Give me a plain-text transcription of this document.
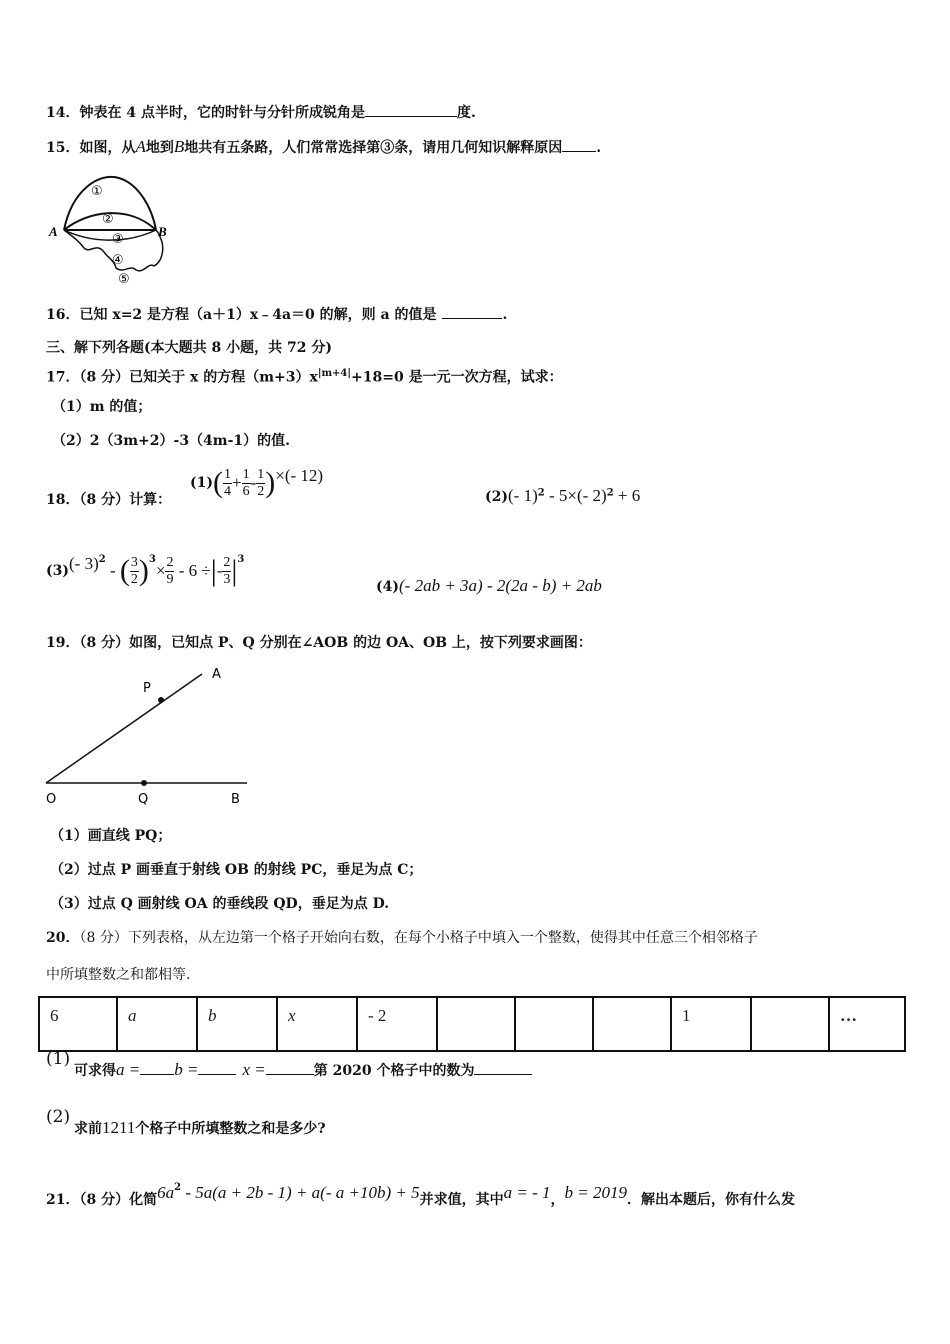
14．钟表在 4 点半时，它的时针与分针所成锐角是	度.
15．如图，从A地到B地共有五条路，人们常常选择第③条，请用几何知识解释原因 .
①
②
③
④
⑤
A	B
16．已知 x=2 是方程（a＋1）x﹣4a＝0 的解，则 a 的值是	.
三、解下列各题(本大题共 8 小题，共 72 分)
17．（8 分）已知关于 x 的方程$(m+3)x^{|m+4|}+18=0$ 是一元一次方程，试求：
（1）m 的值；
（2）2（3m+2）-3（4m-1）的值.
18．（8 分）计算：
$(1)( \frac{1}{4} + \frac{1}{6} - \frac{1}{2}$ )×(- 12)
(2)(- 1)$^2$ - 5×(- 2)$^2$ + 6
(3)(- 3)$^2$ - ( $\frac{3}{2} )^3\times \frac{2}{9} - 6$ ÷|- $\frac{2}{3} |^3$
(4)(- 2ab + 3a) - 2(2a - b) + 2ab
19．（8 分）如图，已知点 P、Q 分别在∠AOB 的边 OA、OB 上，按下列要求画图：
A
P
O	Q	B
（1）画直线 PQ；
（2）过点 P 画垂直于射线 OB 的射线 PC，垂足为点 C；
（3）过点 Q 画射线 OA 的垂线段 QD，垂足为点 D.
20．（8 分）下列表格，从左边第一个格子开始向右数，在每个小格子中填入一个整数，使得其中任意三个相邻格子
中所填整数之和都相等.
6	a	b	x	- 2				1		…
(1)
可求得a = b =	x =	第 2020 个格子中的数为
(2)
求前1211个格子中所填整数之和是多少?
21．（8 分）化简$6a^2 - 5a(a + 2b - 1) + a(-$ a +10b) + 5并求值，其中a = - 1，b = 2019．解出本题后，你有什么发
